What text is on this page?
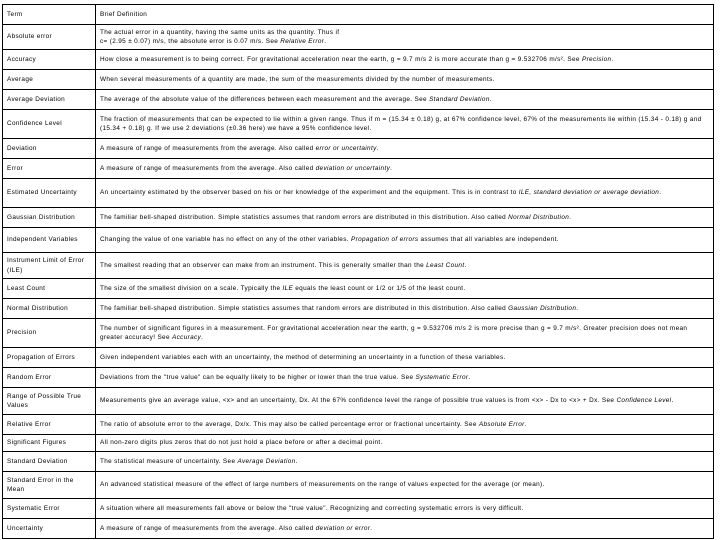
Term	Brief Definition
Absolute error	The actual error in a quantity, having the same units as the quantity. Thus if
c= (2.95 ± 0.07) m/s, the absolute error is 0.07 m/s. See Relative Error.
Accuracy	How close a measurement is to being correct. For gravitational acceleration near the earth, g = 9.7 m/s 2 is more accurate than g = 9.532706 m/s². See Precision.
Average	When several measurements of a quantity are made, the sum of the measurements divided by the number of measurements.
Average Deviation	The average of the absolute value of the differences between each measurement and the average. See Standard Deviation.
Confidence Level	The fraction of measurements that can be expected to lie within a given range. Thus if m = (15.34 ± 0.18) g, at 67% confidence level, 67% of the measurements lie within (15.34 - 0.18) g and (15.34 + 0.18) g. If we use 2 deviations (±0.36 here) we have a 95% confidence level.
Deviation	A measure of range of measurements from the average. Also called error or uncertainty.
Error	A measure of range of measurements from the average. Also called deviation or uncertainty.
Estimated Uncertainty	An uncertainty estimated by the observer based on his or her knowledge of the experiment and the equipment. This is in contrast to ILE, standard deviation or average deviation.
Gaussian Distribution	The familiar bell-shaped distribution. Simple statistics assumes that random errors are distributed in this distribution. Also called Normal Distribution.
Independent Variables	Changing the value of one variable has no effect on any of the other variables. Propagation of errors assumes that all variables are independent.
Instrument Limit of Error (ILE)	The smallest reading that an observer can make from an instrument. This is generally smaller than the Least Count.
Least Count	The size of the smallest division on a scale. Typically the ILE equals the least count or 1/2 or 1/5 of the least count.
Normal Distribution	The familiar bell-shaped distribution. Simple statistics assumes that random errors are distributed in this distribution. Also called Gaussian Distribution.
Precision	The number of significant figures in a measurement. For gravitational acceleration near the earth, g = 9.532706 m/s 2 is more precise than g = 9.7 m/s². Greater precision does not mean greater accuracy! See Accuracy.
Propagation of Errors	Given independent variables each with an uncertainty, the method of determining an uncertainty in a function of these variables.
Random Error	Deviations from the "true value" can be equally likely to be higher or lower than the true value. See Systematic Error.
Range of Possible True Values	Measurements give an average value, <x> and an uncertainty, Dx. At the 67% confidence level the range of possible true values is from <x> - Dx to <x> + Dx. See Confidence Level.
Relative Error	The ratio of absolute error to the average, Dx/x. This may also be called percentage error or fractional uncertainty. See Absolute Error.
Significant Figures	All non-zero digits plus zeros that do not just hold a place before or after a decimal point.
Standard Deviation	The statistical measure of uncertainty. See Average Deviation.
Standard Error in the Mean	An advanced statistical measure of the effect of large numbers of measurements on the range of values expected for the average (or mean).
Systematic Error	A situation where all measurements fall above or below the "true value". Recognizing and correcting systematic errors is very difficult.
Uncertainty	A measure of range of measurements from the average. Also called deviation or error.
